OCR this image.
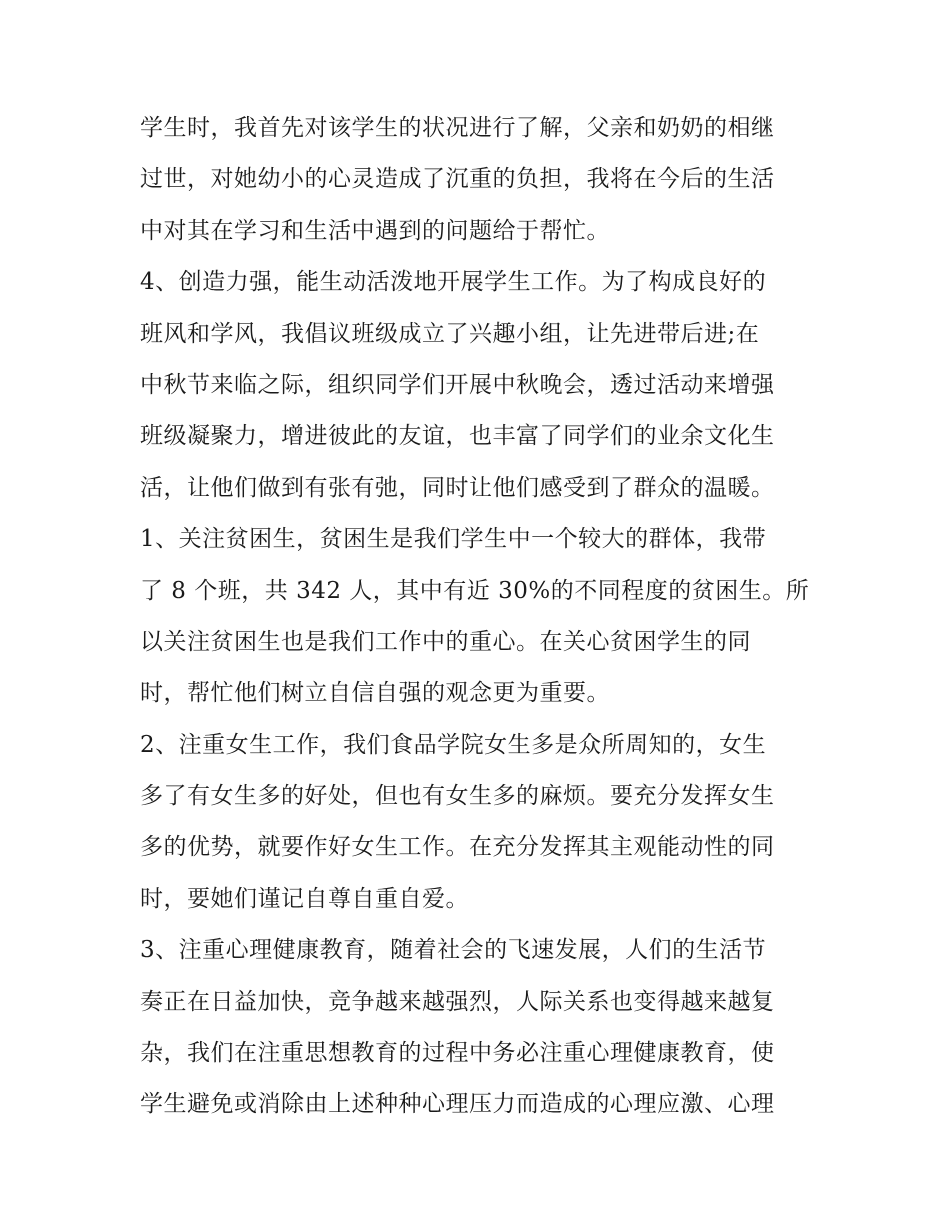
学生时，我首先对该学生的状况进行了解，父亲和奶奶的相继
过世，对她幼小的心灵造成了沉重的负担，我将在今后的生活
中对其在学习和生活中遇到的问题给于帮忙。
4、创造力强，能生动活泼地开展学生工作。为了构成良好的
班风和学风，我倡议班级成立了兴趣小组，让先进带后进;在
中秋节来临之际，组织同学们开展中秋晚会，透过活动来增强
班级凝聚力，增进彼此的友谊，也丰富了同学们的业余文化生
活，让他们做到有张有弛，同时让他们感受到了群众的温暖。
1、关注贫困生，贫困生是我们学生中一个较大的群体，我带
了 8 个班，共 342 人，其中有近 30%的不同程度的贫困生。所
以关注贫困生也是我们工作中的重心。在关心贫困学生的同
时，帮忙他们树立自信自强的观念更为重要。
2、注重女生工作，我们食品学院女生多是众所周知的，女生
多了有女生多的好处，但也有女生多的麻烦。要充分发挥女生
多的优势，就要作好女生工作。在充分发挥其主观能动性的同
时，要她们谨记自尊自重自爱。
3、注重心理健康教育，随着社会的飞速发展，人们的生活节
奏正在日益加快，竞争越来越强烈，人际关系也变得越来越复
杂，我们在注重思想教育的过程中务必注重心理健康教育，使
学生避免或消除由上述种种心理压力而造成的心理应激、心理
